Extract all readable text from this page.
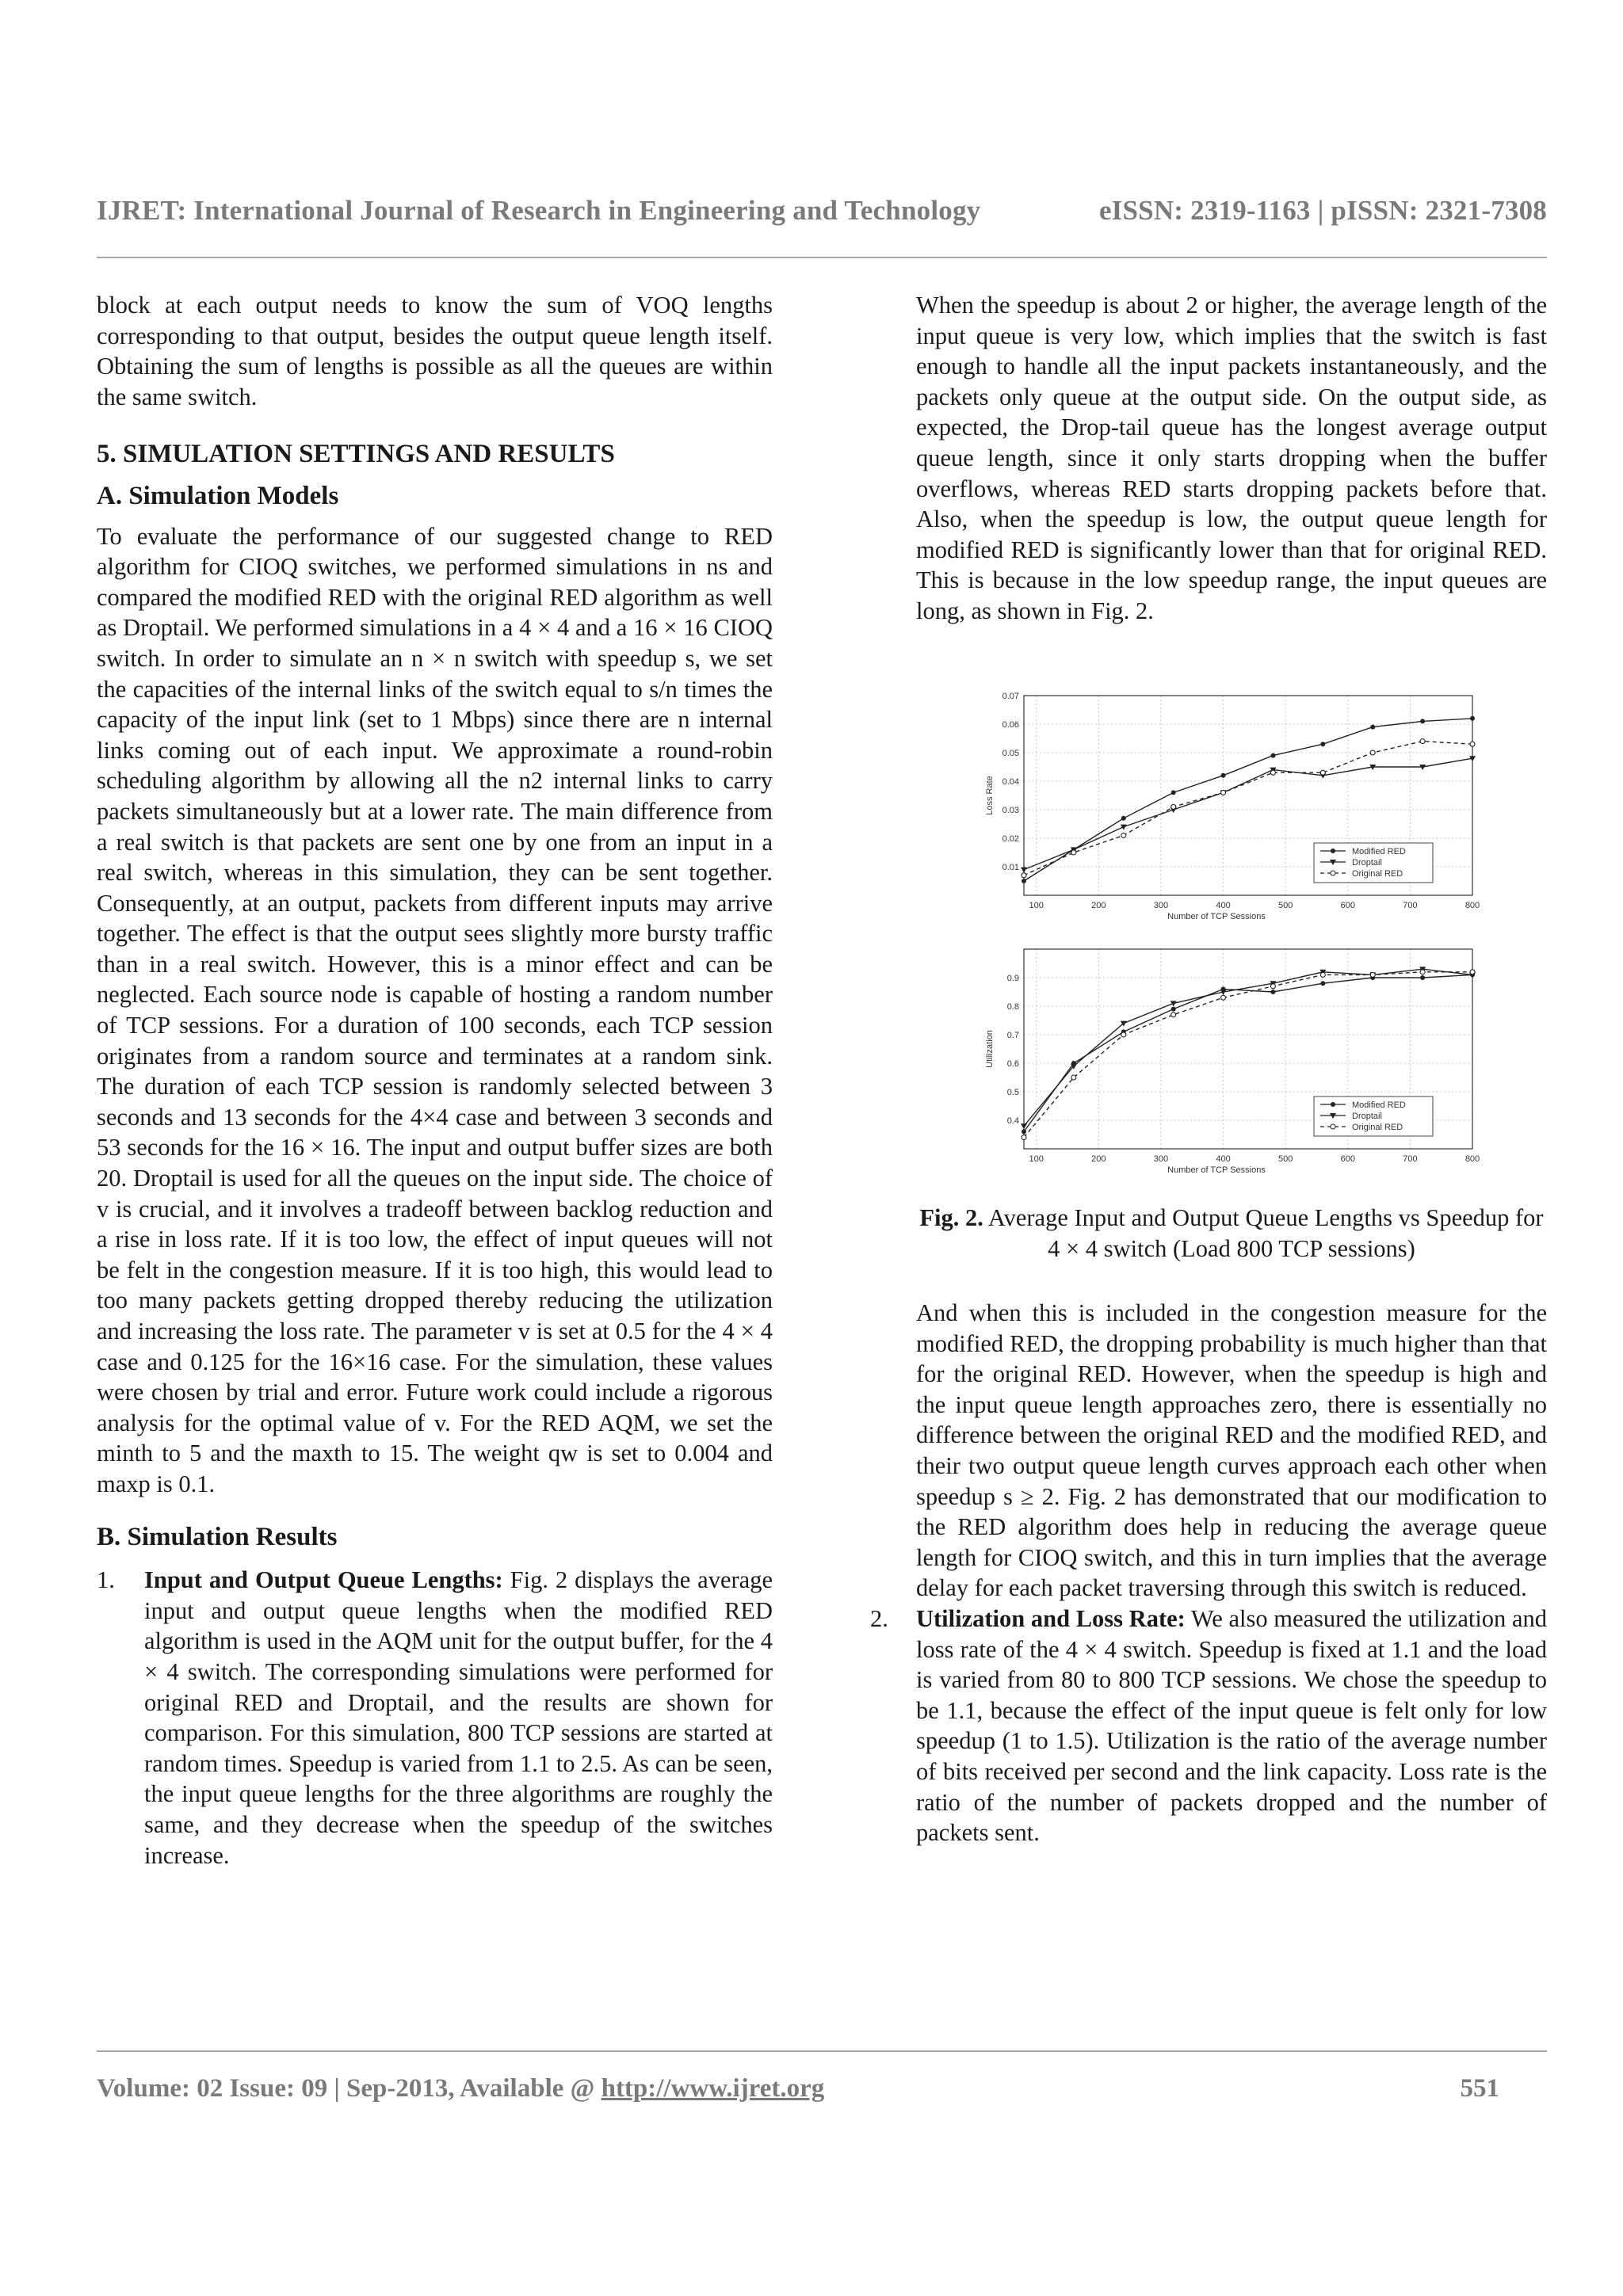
IJRET: International Journal of Research in Engineering and Technology	eISSN: 2319-1163 | pISSN: 2321-7308

block at each output needs to know the sum of VOQ lengths corresponding to that output, besides the output queue length itself. Obtaining the sum of lengths is possible as all the queues are within the same switch.

5. SIMULATION SETTINGS AND RESULTS
A. Simulation Models

To evaluate the performance of our suggested change to RED algorithm for CIOQ switches, we performed simulations in ns and compared the modified RED with the original RED algorithm as well as Droptail. We performed simulations in a 4 × 4 and a 16 × 16 CIOQ switch. In order to simulate an n × n switch with speedup s, we set the capacities of the internal links of the switch equal to s/n times the capacity of the input link (set to 1 Mbps) since there are n internal links coming out of each input. We approximate a round-robin scheduling algorithm by allowing all the n2 internal links to carry packets simultaneously but at a lower rate. The main difference from a real switch is that packets are sent one by one from an input in a real switch, whereas in this simulation, they can be sent together. Consequently, at an output, packets from different inputs may arrive together. The effect is that the output sees slightly more bursty traffic than in a real switch. However, this is a minor effect and can be neglected. Each source node is capable of hosting a random number of TCP sessions. For a duration of 100 seconds, each TCP session originates from a random source and terminates at a random sink. The duration of each TCP session is randomly selected between 3 seconds and 13 seconds for the 4×4 case and between 3 seconds and 53 seconds for the 16 × 16. The input and output buffer sizes are both 20. Droptail is used for all the queues on the input side. The choice of v is crucial, and it involves a tradeoff between backlog reduction and a rise in loss rate. If it is too low, the effect of input queues will not be felt in the congestion measure. If it is too high, this would lead to too many packets getting dropped thereby reducing the utilization and increasing the loss rate. The parameter v is set at 0.5 for the 4 × 4 case and 0.125 for the 16×16 case. For the simulation, these values were chosen by trial and error. Future work could include a rigorous analysis for the optimal value of v. For the RED AQM, we set the minth to 5 and the maxth to 15. The weight qw is set to 0.004 and maxp is 0.1.

B. Simulation Results
1.	Input and Output Queue Lengths: Fig. 2 displays the average input and output queue lengths when the modified RED algorithm is used in the AQM unit for the output buffer, for the 4 × 4 switch. The corresponding simulations were performed for original RED and Droptail, and the results are shown for comparison. For this simulation, 800 TCP sessions are started at random times. Speedup is varied from 1.1 to 2.5. As can be seen, the input queue lengths for the three algorithms are roughly the same, and they decrease when the speedup of the switches increase.

When the speedup is about 2 or higher, the average length of the input queue is very low, which implies that the switch is fast enough to handle all the input packets instantaneously, and the packets only queue at the output side. On the output side, as expected, the Drop-tail queue has the longest average output queue length, since it only starts dropping when the buffer overflows, whereas RED starts dropping packets before that. Also, when the speedup is low, the output queue length for modified RED is significantly lower than that for original RED. This is because in the low speedup range, the input queues are long, as shown in Fig. 2.

100	200	300	400	500	600	700	800
0.01
0.02
0.03
0.04
0.05
0.06
0.07
Number of TCP Sessions
Loss Rate
Modified RED
Droptail
Original RED
100	200	300	400	500	600	700	800
0.4
0.5
0.6
0.7
0.8
0.9
Number of TCP Sessions
Utilization
Modified RED
Droptail
Original RED
Fig. 2. Average Input and Output Queue Lengths vs Speedup for 4 × 4 switch (Load 800 TCP sessions)

And when this is included in the congestion measure for the modified RED, the dropping probability is much higher than that for the original RED. However, when the speedup is high and the input queue length approaches zero, there is essentially no difference between the original RED and the modified RED, and their two output queue length curves approach each other when speedup s ≥ 2. Fig. 2 has demonstrated that our modification to the RED algorithm does help in reducing the average queue length for CIOQ switch, and this in turn implies that the average delay for each packet traversing through this switch is reduced.

2.	Utilization and Loss Rate: We also measured the utilization and loss rate of the 4 × 4 switch. Speedup is fixed at 1.1 and the load is varied from 80 to 800 TCP sessions. We chose the speedup to be 1.1, because the effect of the input queue is felt only for low speedup (1 to 1.5). Utilization is the ratio of the average number of bits received per second and the link capacity. Loss rate is the ratio of the number of packets dropped and the number of packets sent.

Volume: 02 Issue: 09 | Sep-2013, Available @ http://www.ijret.org	551
